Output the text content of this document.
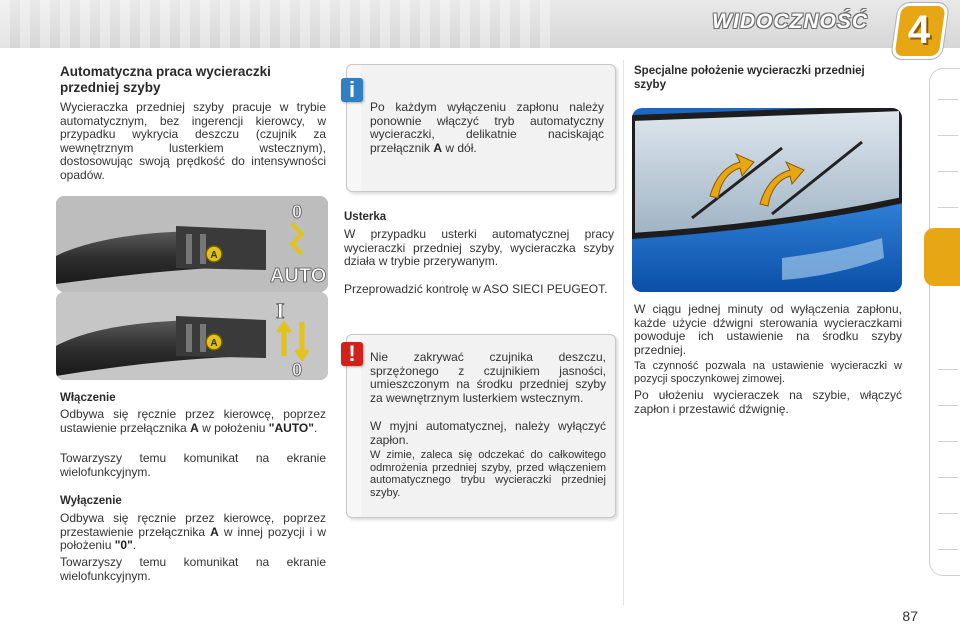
WIDOCZNOŚĆ 4
Automatyczna praca wycieraczki przedniej szyby

Wycieraczka przedniej szyby pracuje w trybie automatycznym, bez ingerencji kierowcy, w przypadku wykrycia deszczu (czujnik za wewnętrznym lusterkiem wstecznym), dostosowując swoją prędkość do intensywności opadów.

A
0
AUTO
A
I
0
Włączenie

Odbywa się ręcznie przez kierowcę, poprzez ustawienie przełącznika A w położeniu "AUTO".

Towarzyszy temu komunikat na ekranie wielofunkcyjnym.

Wyłączenie

Odbywa się ręcznie przez kierowcę, poprzez przestawienie przełącznika A w innej pozycji i w położeniu "0".

Towarzyszy temu komunikat na ekranie wielofunkcyjnym.

i

Po każdym wyłączeniu zapłonu należy ponownie włączyć tryb automatyczny wycieraczki, delikatnie naciskając przełącznik A w dół.

Usterka

W przypadku usterki automatycznej pracy wycieraczki przedniej szyby, wycieraczka szyby działa w trybie przerywanym.

Przeprowadzić kontrolę w ASO SIECI PEUGEOT.

!	Nie zakrywać czujnika deszczu, sprzężonego z czujnikiem jasności, umieszczonym na środku przedniej szyby za wewnętrznym lusterkiem wstecznym.

W myjni automatycznej, należy wyłączyć zapłon.

W zimie, zaleca się odczekać do całkowitego odmrożenia przedniej szyby, przed włączeniem automatycznego trybu wycieraczki przedniej szyby.

Specjalne położenie wycieraczki przedniej szyby

W ciągu jednej minuty od wyłączenia zapłonu, każde użycie dźwigni sterowania wycieraczkami powoduje ich ustawienie na środku szyby przedniej.

Ta czynność pozwala na ustawienie wycieraczki w pozycji spoczynkowej zimowej.

Po ułożeniu wycieraczek na szybie, włączyć zapłon i przestawić dźwignię.

87
